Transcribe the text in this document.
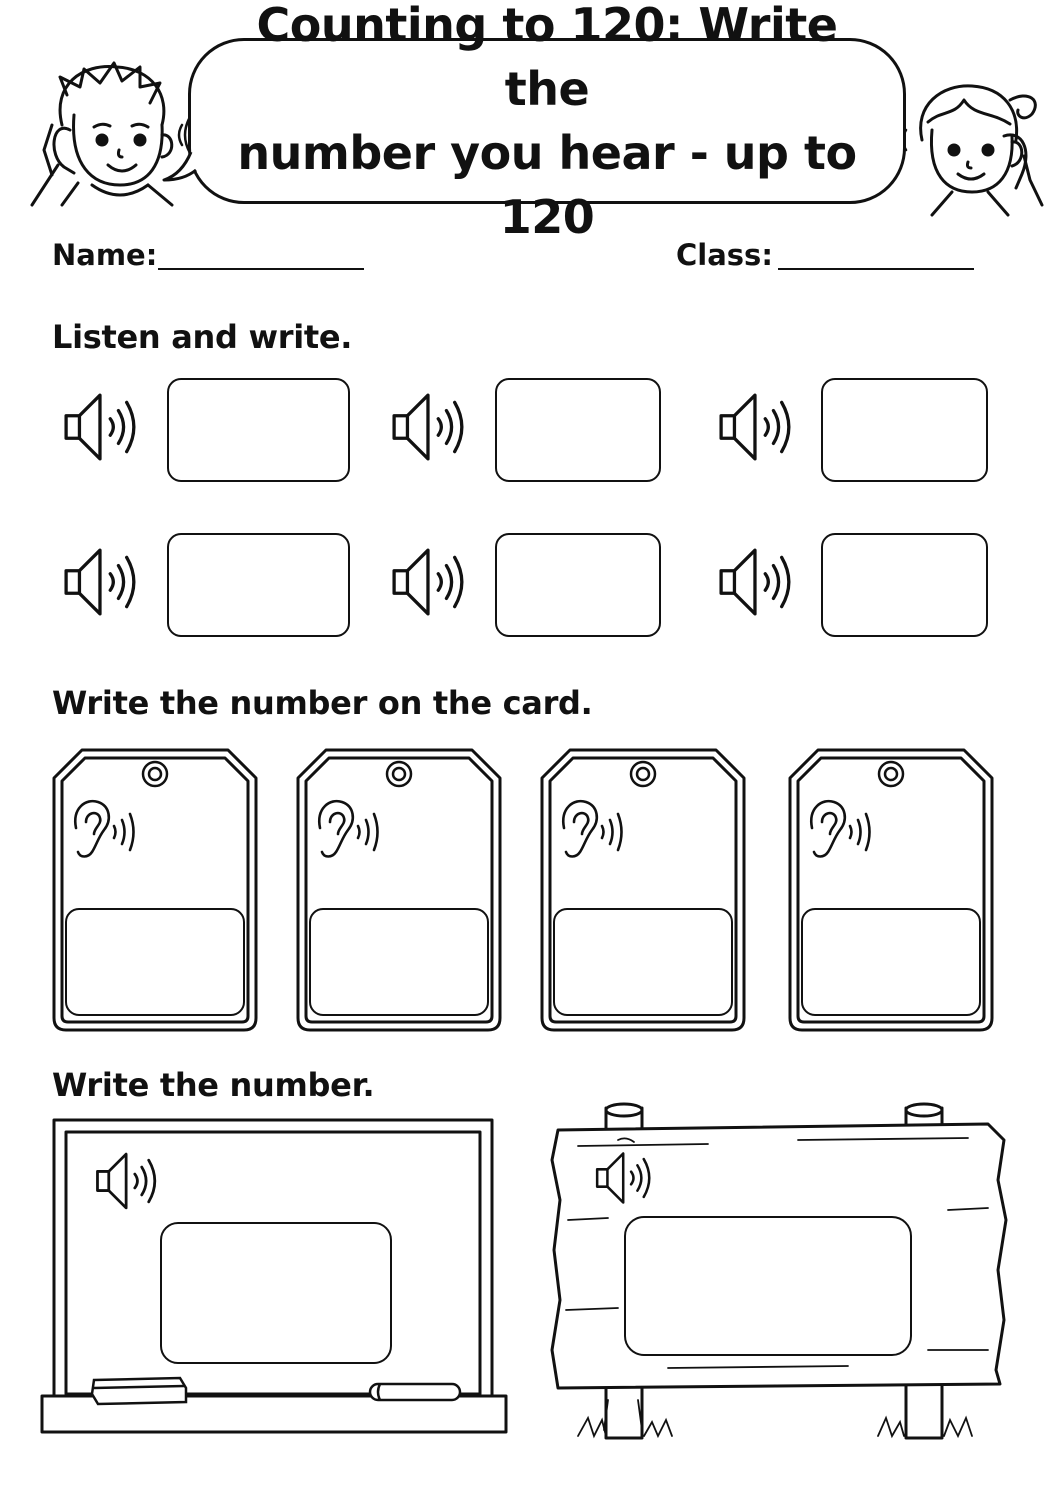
Counting to 120: Write the
number you hear - up to 120
Name:	Class:
Listen and write.
Write the number on the card.
Write the number.
